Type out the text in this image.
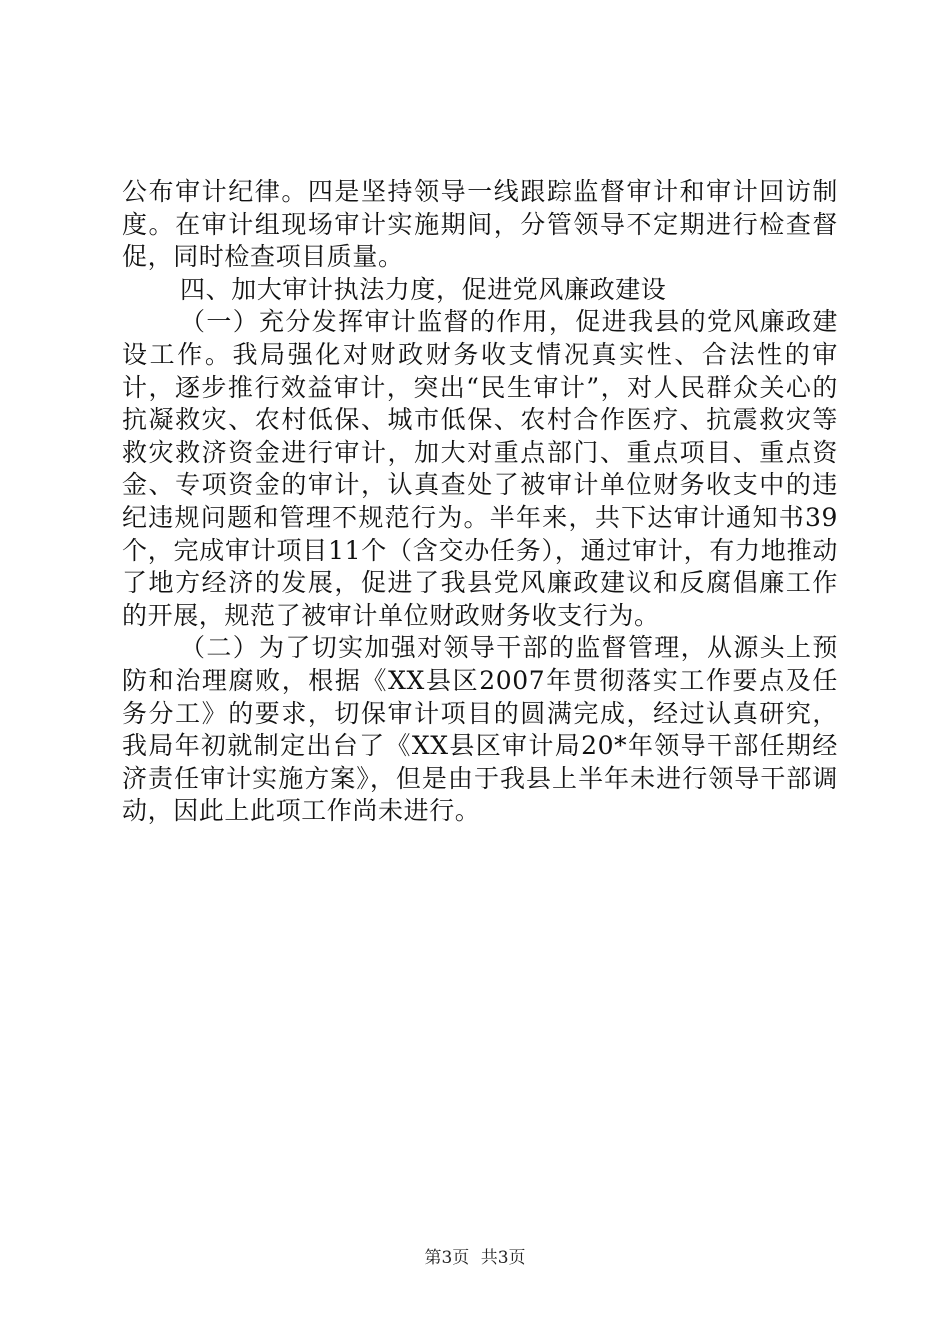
公布审计纪律。四是坚持领导一线跟踪监督审计和审计回访制度。在审计组现场审计实施期间，分管领导不定期进行检查督促，同时检查项目质量。

四、加大审计执法力度，促进党风廉政建设

（一）充分发挥审计监督的作用，促进我县的党风廉政建设工作。我局强化对财政财务收支情况真实性、合法性的审计，逐步推行效益审计，突出“民生审计”，对人民群众关心的抗凝救灾、农村低保、城市低保、农村合作医疗、抗震救灾等救灾救济资金进行审计，加大对重点部门、重点项目、重点资金、专项资金的审计，认真查处了被审计单位财务收支中的违纪违规问题和管理不规范行为。半年来，共下达审计通知书39个，完成审计项目11个（含交办任务），通过审计，有力地推动了地方经济的发展，促进了我县党风廉政建议和反腐倡廉工作的开展，规范了被审计单位财政财务收支行为。

（二）为了切实加强对领导干部的监督管理，从源头上预防和治理腐败，根据《XX县区2007年贯彻落实工作要点及任务分工》的要求，切保审计项目的圆满完成，经过认真研究，我局年初就制定出台了《XX县区审计局20*年领导干部任期经济责任审计实施方案》，但是由于我县上半年未进行领导干部调动，因此上此项工作尚未进行。

第3页 共3页
